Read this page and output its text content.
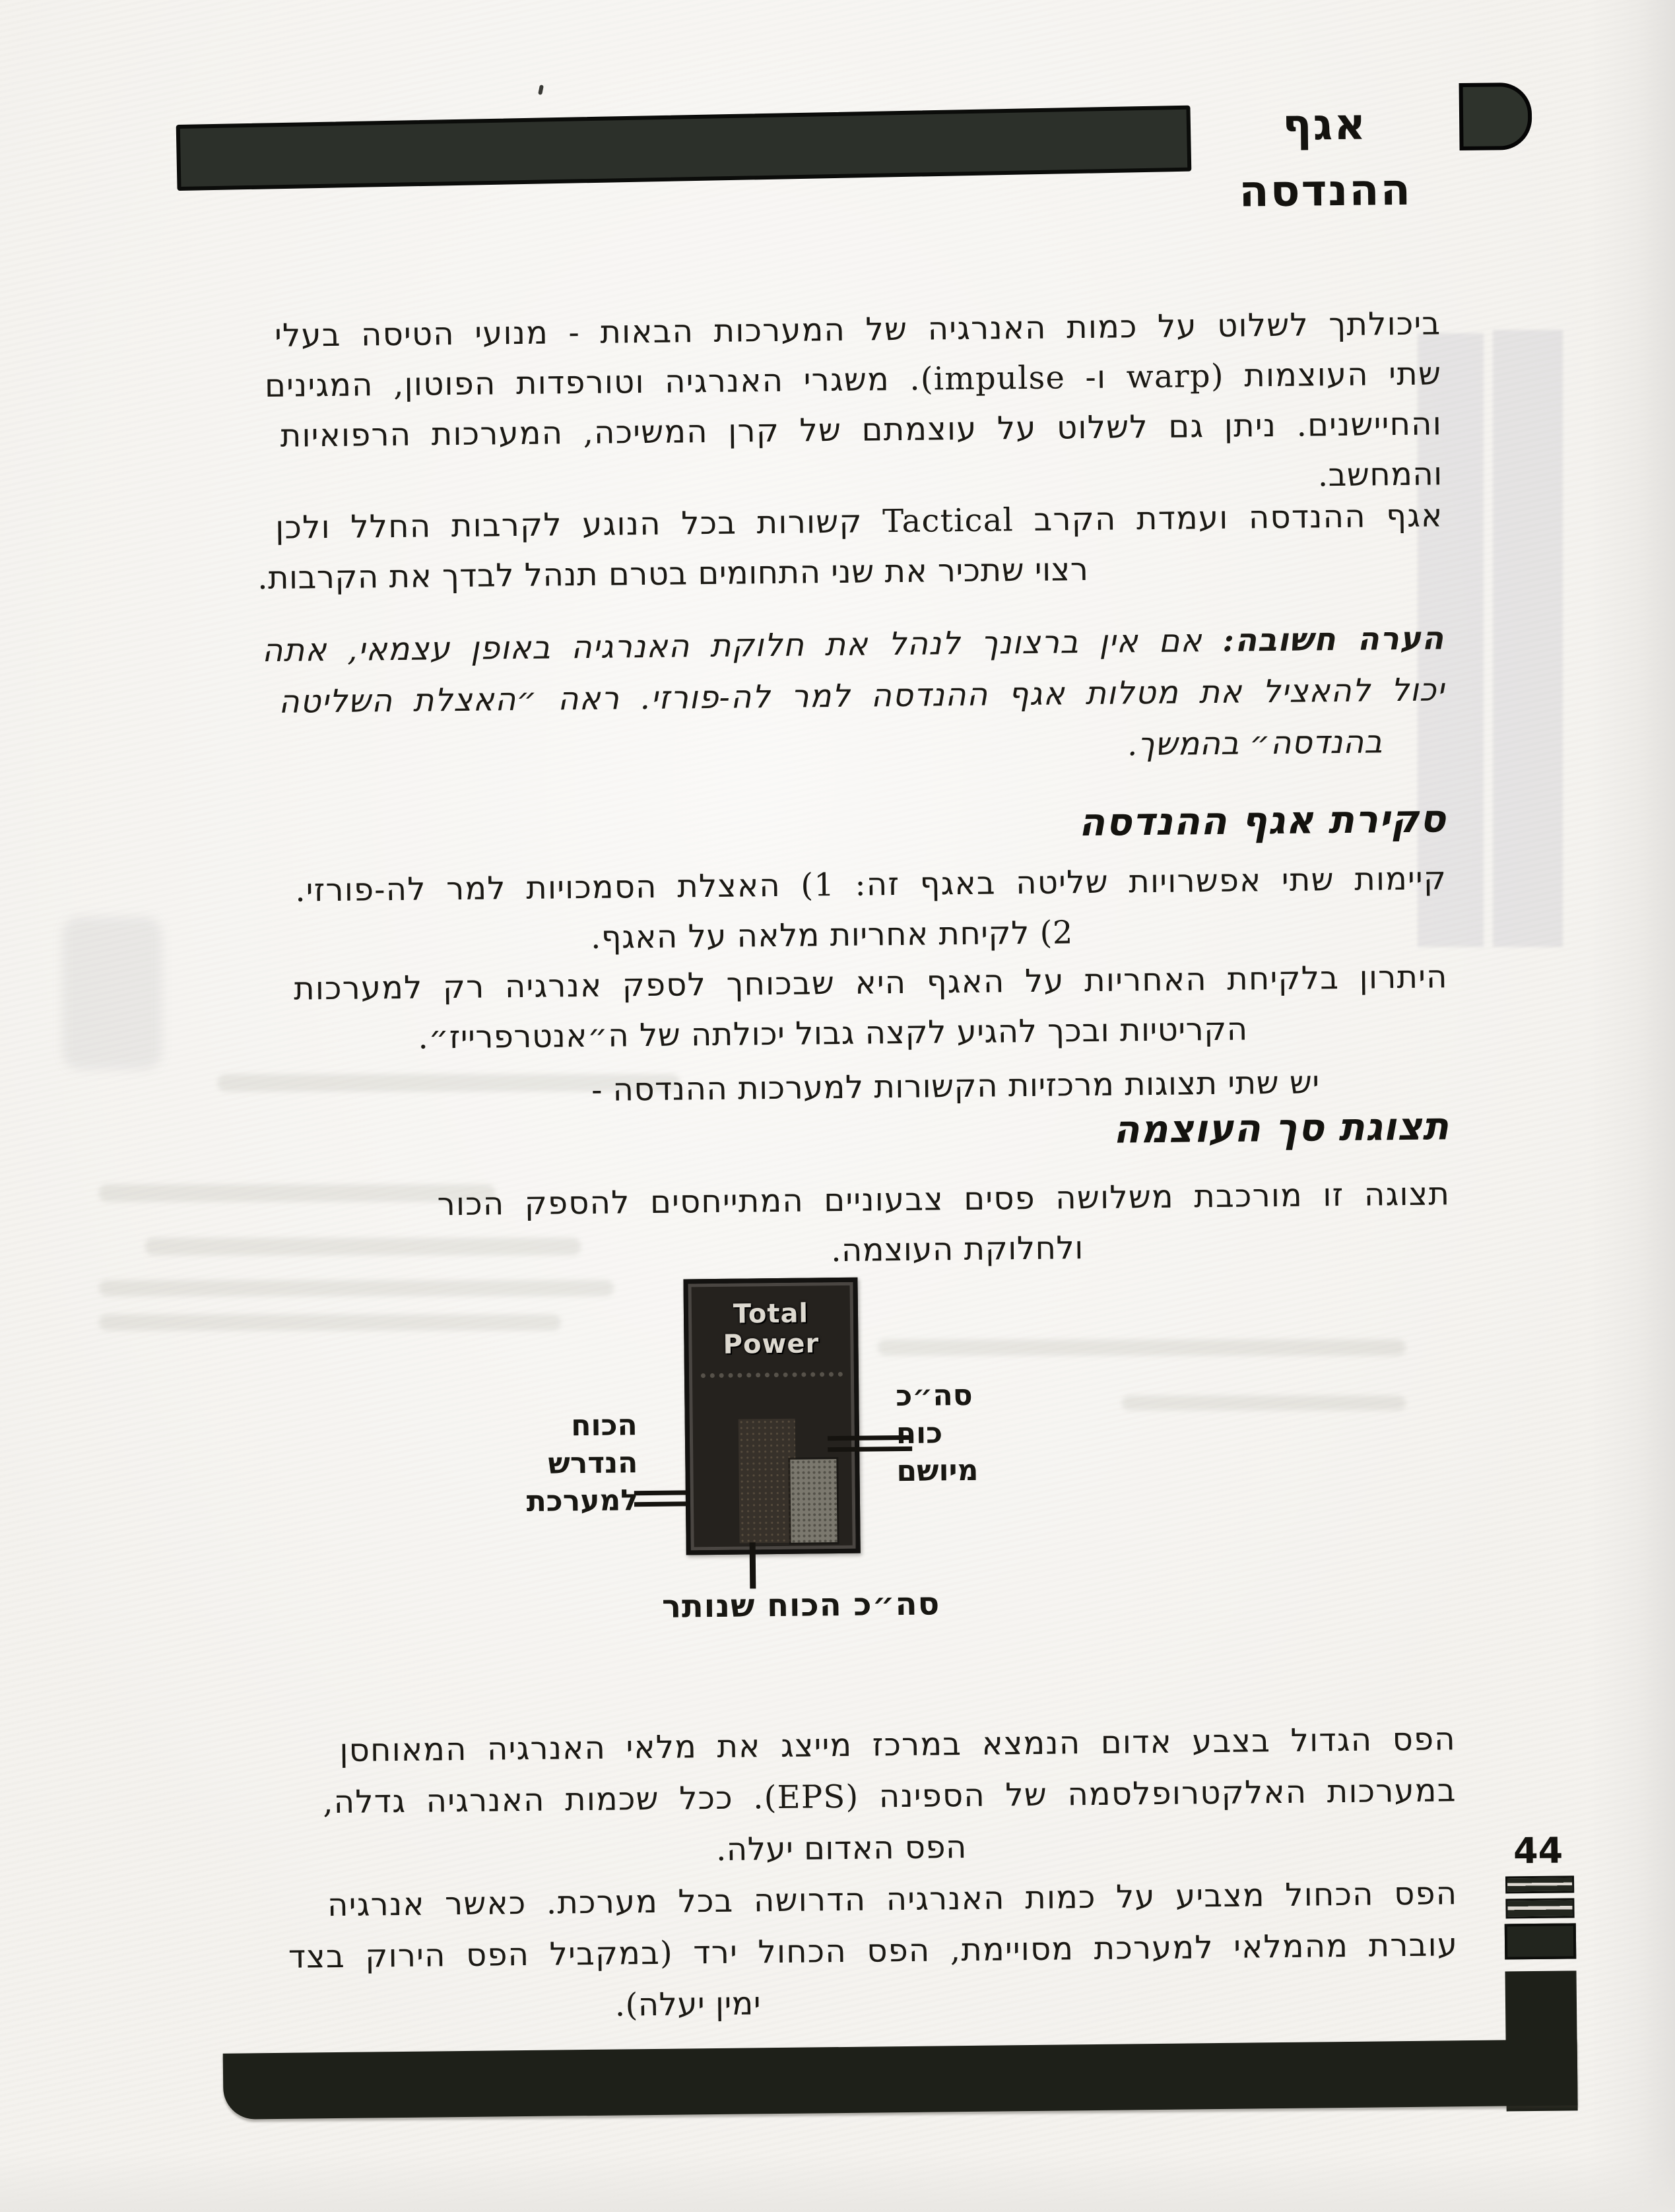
אגף ההנדסה
ביכולתך לשלוט על כמות האנרגיה של המערכות הבאות - מנועי הטיסה בעלי
שתי העוצמות (warp ו- impulse). משגרי האנרגיה וטורפדות הפוטון, המגינים
והחיישנים. ניתן גם לשלוט על עוצמתם של קרן המשיכה, המערכות הרפואיות
והמחשב.
אגף ההנדסה ועמדת הקרב Tactical קשורות בכל הנוגע לקרבות החלל ולכן
רצוי שתכיר את שני התחומים בטרם תנהל לבדך את הקרבות.
הערה חשובה: אם אין ברצונך לנהל את חלוקת האנרגיה באופן עצמאי, אתה
יכול להאציל את מטלות אגף ההנדסה למר לה-פורזי. ראה ״האצלת השליטה
בהנדסה״ בהמשך.
סקירת אגף ההנדסה
קיימות שתי אפשרויות שליטה באגף זה: 1) האצלת הסמכויות למר לה-פורזי.
2) לקיחת אחריות מלאה על האגף.
היתרון בלקיחת האחריות על האגף היא שבכוחך לספק אנרגיה רק למערכות
הקריטיות ובכך להגיע לקצה גבול יכולתה של ה״אנטרפרייז״.
יש שתי תצוגות מרכזיות הקשורות למערכות ההנדסה -
תצוגת סך העוצמה
תצוגה זו מורכבת משלושה פסים צבעוניים המתייחסים להספק הכור
ולחלוקת העוצמה.
הפס הגדול בצבע אדום הנמצא במרכז מייצג את מלאי האנרגיה המאוחסן
במערכות האלקטרופלסמה של הספינה (EPS). ככל שכמות האנרגיה גדלה,
הפס האדום יעלה.
הפס הכחול מצביע על כמות האנרגיה הדרושה בכל מערכת. כאשר אנרגיה
עוברת מהמלאי למערכת מסויימת, הפס הכחול ירד (במקביל הפס הירוק בצד
ימין יעלה).
Total Power
הכוח
הנדרש
למערכת
סה״כ
כוח
מיושם
סה״כ הכוח שנותר
44
